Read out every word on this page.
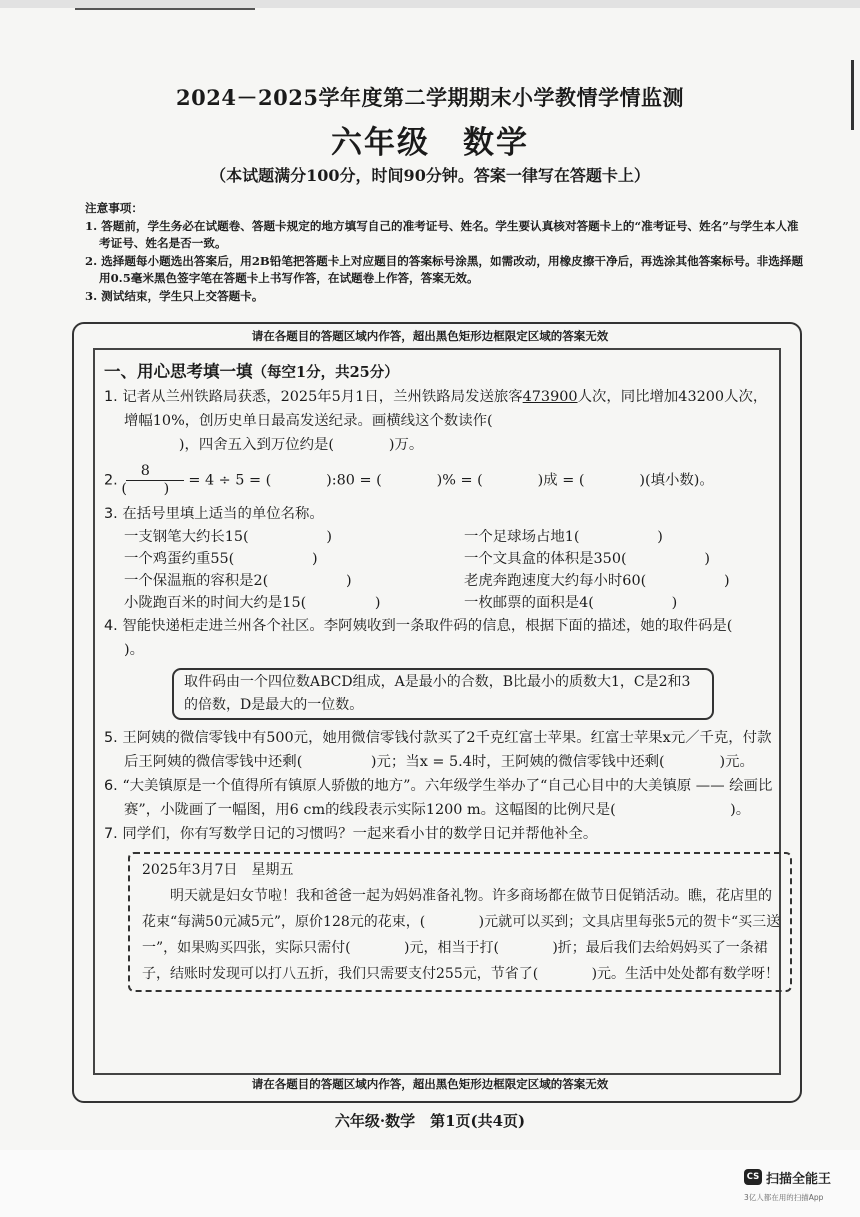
2024－2025学年度第二学期期末小学教情学情监测
六年级　数学
（本试题满分100分，时间90分钟。答案一律写在答题卡上）
注意事项：
1. 答题前，学生务必在试题卷、答题卡规定的地方填写自己的准考证号、姓名。学生要认真核对答题卡上的“准考证号、姓名”与学生本人准考证号、姓名是否一致。
2. 选择题每小题选出答案后，用2B铅笔把答题卡上对应题目的答案标号涂黑，如需改动，用橡皮擦干净后，再选涂其他答案标号。非选择题用0.5毫米黑色签字笔在答题卡上书写作答，在试题卷上作答，答案无效。
3. 测试结束，学生只上交答题卡。
请在各题目的答题区域内作答，超出黑色矩形边框限定区域的答案无效
请在各题目的答题区域内作答，超出黑色矩形边框限定区域的答案无效
一、用心思考填一填（每空1分，共25分）
1. 记者从兰州铁路局获悉，2025年5月1日，兰州铁路局发送旅客473900人次，同比增加43200人次，增幅10%，创历史单日最高发送纪录。画横线这个数读作(
)，四舍五入到万位约是(            )万。
2. $\frac{8}{( )} = 4 \div 5$ = (            ):80 = (            )% = (            )成 = (            )(填小数)。
3. 在括号里填上适当的单位名称。
一支钢笔大约长15(                 )	一个足球场占地1(                 )
一个鸡蛋约重55(                 )	一个文具盒的体积是350(                 )
一个保温瓶的容积是2(                 )	老虎奔跑速度大约每小时60(                 )
小陇跑百米的时间大约是15(               )	一枚邮票的面积是4(                 )
4. 智能快递柜走进兰州各个社区。李阿姨收到一条取件码的信息，根据下面的描述，她的取件码是(            )。
取件码由一个四位数ABCD组成，A是最小的合数，B比最小的质数大1，C是2和3的倍数，D是最大的一位数。
5. 王阿姨的微信零钱中有500元，她用微信零钱付款买了2千克红富士苹果。红富士苹果x元／千克，付款后王阿姨的微信零钱中还剩(               )元；当x = 5.4时，王阿姨的微信零钱中还剩(            )元。
6. “大美镇原是一个值得所有镇原人骄傲的地方”。六年级学生举办了“自己心目中的大美镇原 —— 绘画比赛”，小陇画了一幅图，用6 cm的线段表示实际1200 m。这幅图的比例尺是(                         )。
7. 同学们，你有写数学日记的习惯吗？一起来看小甘的数学日记并帮他补全。
2025年3月7日　星期五
明天就是妇女节啦！我和爸爸一起为妈妈准备礼物。许多商场都在做节日促销活动。瞧，花店里的花束“每满50元减5元”，原价128元的花束，(            )元就可以买到；文具店里每张5元的贺卡“买三送一”，如果购买四张，实际只需付(            )元，相当于打(            )折；最后我们去给妈妈买了一条裙子，结账时发现可以打八五折，我们只需要支付255元，节省了(            )元。生活中处处都有数学呀！
六年级·数学　第1页(共4页)
CS 扫描全能王
3亿人都在用的扫描App
